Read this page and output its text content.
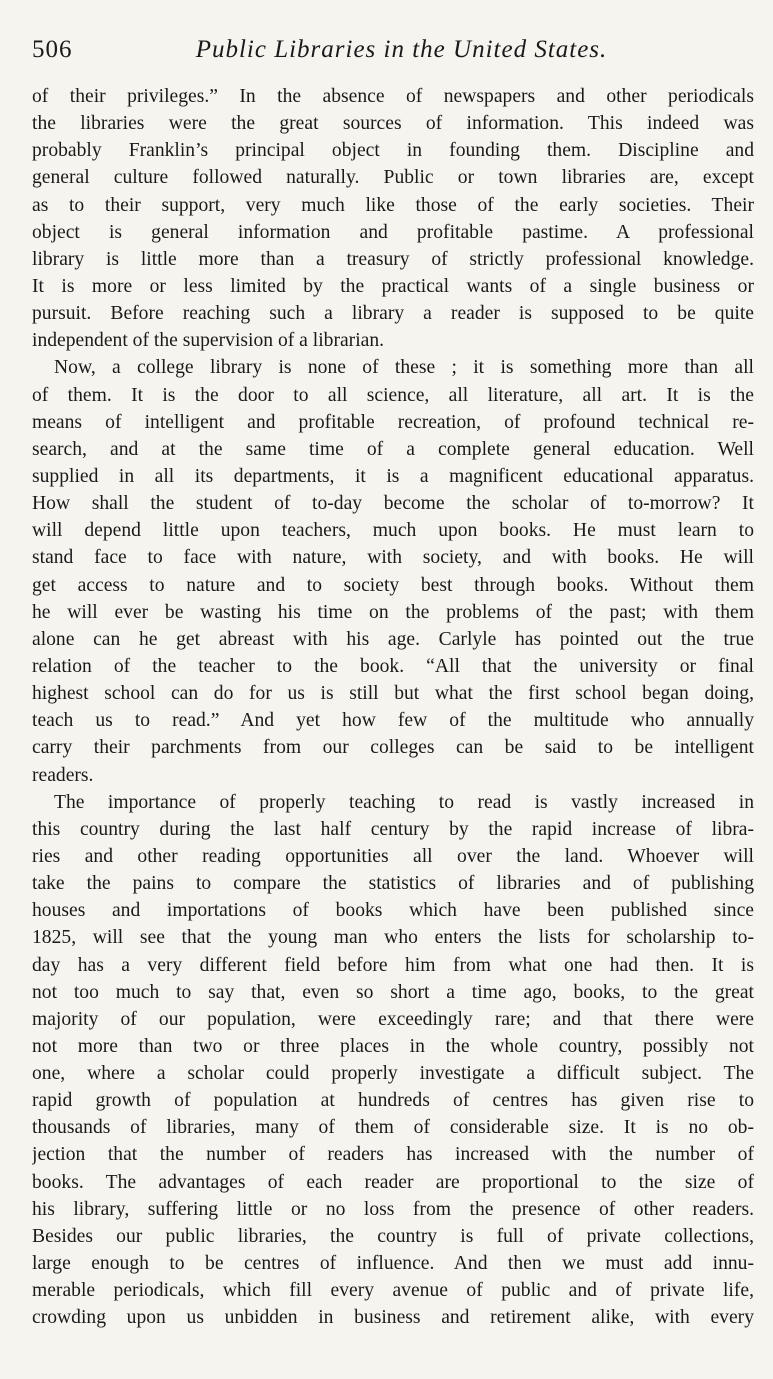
506	Public Libraries in the United States.
of their privileges.” In the absence of newspapers and other periodicals
the libraries were the great sources of information. This indeed was
probably Franklin’s principal object in founding them. Discipline and
general culture followed naturally. Public or town libraries are, except
as to their support, very much like those of the early societies. Their
object is general information and profitable pastime. A professional
library is little more than a treasury of strictly professional knowledge.
It is more or less limited by the practical wants of a single business or
pursuit. Before reaching such a library a reader is supposed to be quite
independent of the supervision of a librarian.
Now, a college library is none of these ; it is something more than all
of them. It is the door to all science, all literature, all art. It is the
means of intelligent and profitable recreation, of profound technical re-
search, and at the same time of a complete general education. Well
supplied in all its departments, it is a magnificent educational apparatus.
How shall the student of to-day become the scholar of to-morrow? It
will depend little upon teachers, much upon books. He must learn to
stand face to face with nature, with society, and with books. He will
get access to nature and to society best through books. Without them
he will ever be wasting his time on the problems of the past; with them
alone can he get abreast with his age. Carlyle has pointed out the true
relation of the teacher to the book. “All that the university or final
highest school can do for us is still but what the first school began doing,
teach us to read.” And yet how few of the multitude who annually
carry their parchments from our colleges can be said to be intelligent
readers.
The importance of properly teaching to read is vastly increased in
this country during the last half century by the rapid increase of libra-
ries and other reading opportunities all over the land. Whoever will
take the pains to compare the statistics of libraries and of publishing
houses and importations of books which have been published since
1825, will see that the young man who enters the lists for scholarship to-
day has a very different field before him from what one had then. It is
not too much to say that, even so short a time ago, books, to the great
majority of our population, were exceedingly rare; and that there were
not more than two or three places in the whole country, possibly not
one, where a scholar could properly investigate a difficult subject. The
rapid growth of population at hundreds of centres has given rise to
thousands of libraries, many of them of considerable size. It is no ob-
jection that the number of readers has increased with the number of
books. The advantages of each reader are proportional to the size of
his library, suffering little or no loss from the presence of other readers.
Besides our public libraries, the country is full of private collections,
large enough to be centres of influence. And then we must add innu-
merable periodicals, which fill every avenue of public and of private life,
crowding upon us unbidden in business and retirement alike, with every
